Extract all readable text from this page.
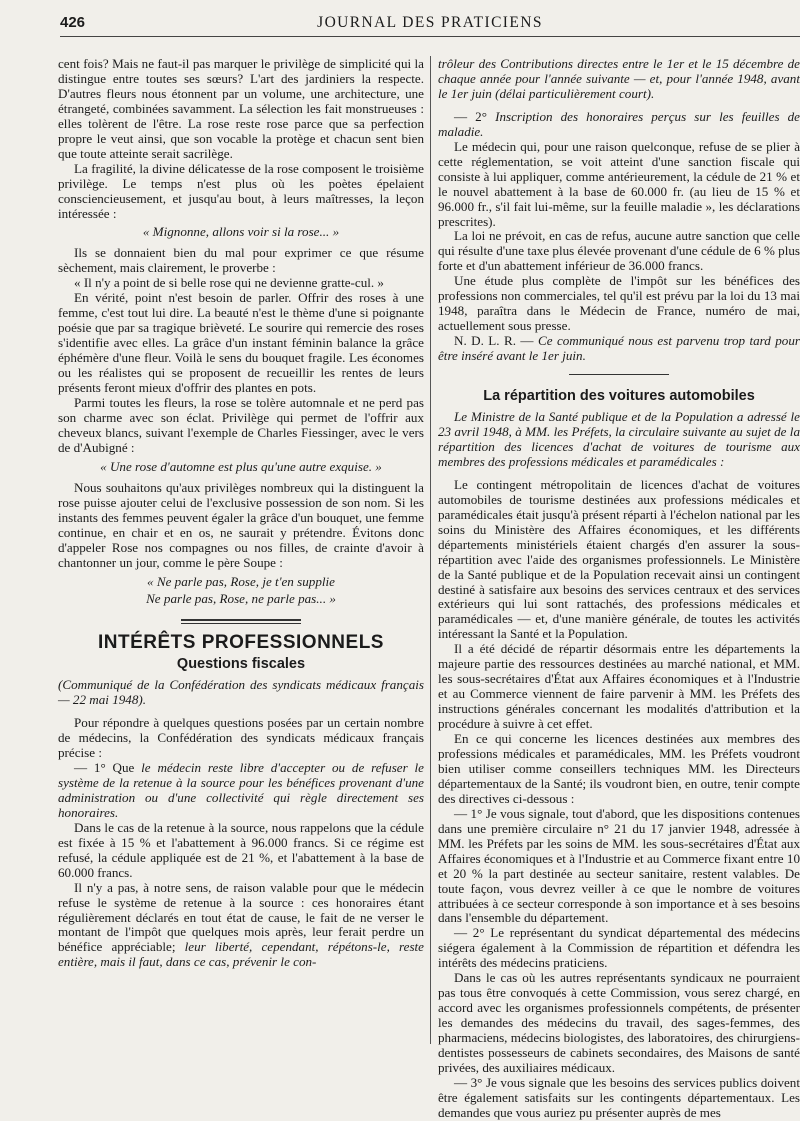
426	JOURNAL DES PRATICIENS

cent fois? Mais ne faut-il pas marquer le privilège de simplicité qui la distingue entre toutes ses sœurs? L'art des jardiniers la respecte. D'autres fleurs nous étonnent par un volume, une architecture, une étrangeté, combinées savamment. La sélection les fait monstrueuses : elles tolèrent de l'être. La rose reste rose parce que sa perfection propre le veut ainsi, que son vocable la protège et chacun sent bien que toute atteinte serait sacrilège.

La fragilité, la divine délicatesse de la rose composent le troisième privilège. Le temps n'est plus où les poètes épelaient consciencieusement, et jusqu'au bout, à leurs maîtresses, la leçon intéressée :

« Mignonne, allons voir si la rose... »

Ils se donnaient bien du mal pour exprimer ce que résume sèchement, mais clairement, le proverbe :

« Il n'y a point de si belle rose qui ne devienne gratte-cul. »

En vérité, point n'est besoin de parler. Offrir des roses à une femme, c'est tout lui dire. La beauté n'est le thème d'une si poignante poésie que par sa tragique brièveté. Le sourire qui remercie des roses s'identifie avec elles. La grâce d'un instant féminin balance la grâce éphémère d'une fleur. Voilà le sens du bouquet fragile. Les économes ou les réalistes qui se proposent de recueillir les rentes de leurs présents feront mieux d'offrir des plantes en pots.

Parmi toutes les fleurs, la rose se tolère automnale et ne perd pas son charme avec son éclat. Privilège qui permet de l'offrir aux cheveux blancs, suivant l'exemple de Charles Fiessinger, avec le vers de d'Aubigné :

« Une rose d'automne est plus qu'une autre exquise. »

Nous souhaitons qu'aux privilèges nombreux qui la distinguent la rose puisse ajouter celui de l'exclusive possession de son nom. Si les instants des femmes peuvent égaler la grâce d'un bouquet, une femme continue, en chair et en os, ne saurait y prétendre. Évitons donc d'appeler Rose nos compagnes ou nos filles, de crainte d'avoir à chantonner un jour, comme le père Soupe :

« Ne parle pas, Rose, je t'en supplie

Ne parle pas, Rose, ne parle pas... »

INTÉRÊTS PROFESSIONNELS
Questions fiscales

(Communiqué de la Confédération des syndicats médicaux français — 22 mai 1948).

Pour répondre à quelques questions posées par un certain nombre de médecins, la Confédération des syndicats médicaux français précise :

— 1° Que le médecin reste libre d'accepter ou de refuser le système de la retenue à la source pour les bénéfices provenant d'une administration ou d'une collectivité qui règle directement ses honoraires.

Dans le cas de la retenue à la source, nous rappelons que la cédule est fixée à 15 % et l'abattement à 96.000 francs. Si ce régime est refusé, la cédule appliquée est de 21 %, et l'abattement à la base de 60.000 francs.

Il n'y a pas, à notre sens, de raison valable pour que le médecin refuse le système de retenue à la source : ces honoraires étant régulièrement déclarés en tout état de cause, le fait de ne verser le montant de l'impôt que quelques mois après, leur ferait perdre un bénéfice appréciable; leur liberté, cependant, répétons-le, reste entière, mais il faut, dans ce cas, prévenir le con-

trôleur des Contributions directes entre le 1er et le 15 décembre de chaque année pour l'année suivante — et, pour l'année 1948, avant le 1er juin (délai particulièrement court).

— 2° Inscription des honoraires perçus sur les feuilles de maladie.

Le médecin qui, pour une raison quelconque, refuse de se plier à cette réglementation, se voit atteint d'une sanction fiscale qui consiste à lui appliquer, comme antérieurement, la cédule de 21 % et le nouvel abattement à la base de 60.000 fr. (au lieu de 15 % et 96.000 fr., s'il fait lui-même, sur la feuille maladie », les déclarations prescrites).

La loi ne prévoit, en cas de refus, aucune autre sanction que celle qui résulte d'une taxe plus élevée provenant d'une cédule de 6 % plus forte et d'un abattement inférieur de 36.000 francs.

Une étude plus complète de l'impôt sur les bénéfices des professions non commerciales, tel qu'il est prévu par la loi du 13 mai 1948, paraîtra dans le Médecin de France, numéro de mai, actuellement sous presse.

N. D. L. R. — Ce communiqué nous est parvenu trop tard pour être inséré avant le 1er juin.

La répartition des voitures automobiles

Le Ministre de la Santé publique et de la Population a adressé le 23 avril 1948, à MM. les Préfets, la circulaire suivante au sujet de la répartition des licences d'achat de voitures de tourisme aux membres des professions médicales et paramédicales :

Le contingent métropolitain de licences d'achat de voitures automobiles de tourisme destinées aux professions médicales et paramédicales était jusqu'à présent réparti à l'échelon national par les soins du Ministère des Affaires économiques, et les différents départements ministériels étaient chargés d'en assurer la sous-répartition avec l'aide des organismes professionnels. Le Ministère de la Santé publique et de la Population recevait ainsi un contingent destiné à satisfaire aux besoins des services centraux et des services extérieurs qui lui sont rattachés, des professions médicales et paramédicales — et, d'une manière générale, de toutes les activités intéressant la Santé et la Population.

Il a été décidé de répartir désormais entre les départements la majeure partie des ressources destinées au marché national, et MM. les sous-secrétaires d'État aux Affaires économiques et à l'Industrie et au Commerce viennent de faire parvenir à MM. les Préfets des instructions générales concernant les modalités d'attribution et la procédure à suivre à cet effet.

En ce qui concerne les licences destinées aux membres des professions médicales et paramédicales, MM. les Préfets voudront bien utiliser comme conseillers techniques MM. les Directeurs départementaux de la Santé; ils voudront bien, en outre, tenir compte des directives ci-dessous :

— 1° Je vous signale, tout d'abord, que les dispositions contenues dans une première circulaire n° 21 du 17 janvier 1948, adressée à MM. les Préfets par les soins de MM. les sous-secrétaires d'État aux Affaires économiques et à l'Industrie et au Commerce fixant entre 10 et 20 % la part destinée au secteur sanitaire, restent valables. De toute façon, vous devrez veiller à ce que le nombre de voitures attribuées à ce secteur corresponde à son importance et à ses besoins dans l'ensemble du département.

— 2° Le représentant du syndicat départemental des médecins siégera également à la Commission de répartition et défendra les intérêts des médecins praticiens.

Dans le cas où les autres représentants syndicaux ne pourraient pas tous être convoqués à cette Commission, vous serez chargé, en accord avec les organismes professionnels compétents, de présenter les demandes des médecins du travail, des sages-femmes, des pharmaciens, médecins biologistes, des laboratoires, des chirurgiens-dentistes possesseurs de cabinets secondaires, des Maisons de santé privées, des auxiliaires médicaux.

— 3° Je vous signale que les besoins des services publics doivent être également satisfaits sur les contingents départementaux. Les demandes que vous auriez pu présenter auprès de mes
